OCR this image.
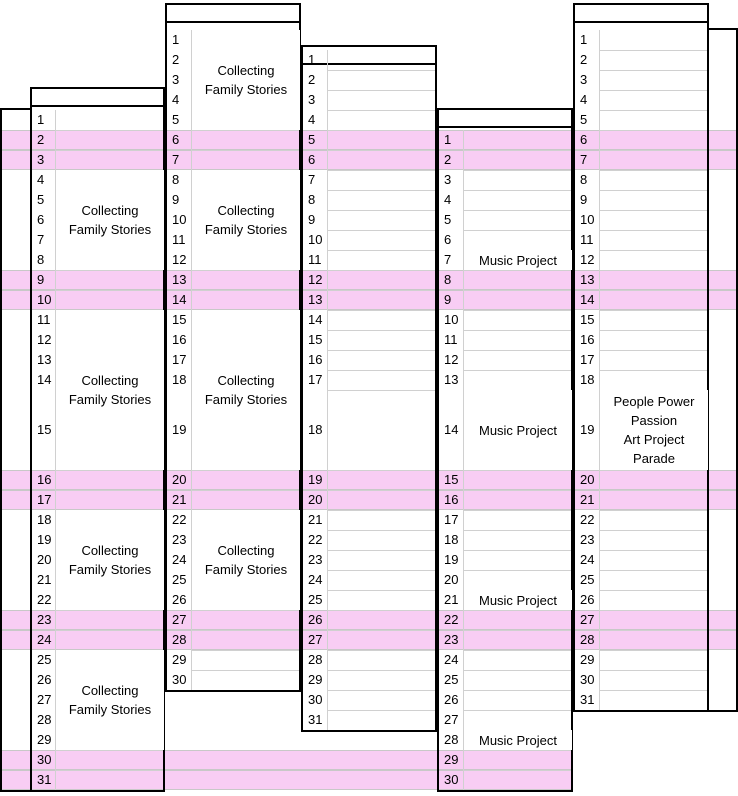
1
2
3
4
5
6
7
8
9
10
11
12
13
14
15
16
17
18
19
20
21
22
23
24
25
26
27
28
29
30
31
1
2
3
4
5
6
7
8
9
10
11
12
13
14
15
16
17
18
19
20
21
22
23
24
25
26
27
28
29
30
1
2
3
4
5
6
7
8
9
10
11
12
13
14
15
16
17
18
19
20
21
22
23
24
25
26
27
28
29
30
31
1
2
3
4
5
6
7
8
9
10
11
12
13
14
15
16
17
18
19
20
21
22
23
24
25
26
27
28
29
30
1
2
3
4
5
6
7
8
9
10
11
12
13
14
15
16
17
18
19
20
21
22
23
24
25
26
27
28
29
30
31
Collecting
Family Stories
Collecting
Family Stories
Collecting
Family Stories
Collecting
Family Stories
Collecting
Family Stories
Collecting
Family Stories
Collecting
Family Stories
Collecting
Family Stories
Music Project
Music Project
Music Project
Music Project
People Power
Passion
Art Project
Parade
